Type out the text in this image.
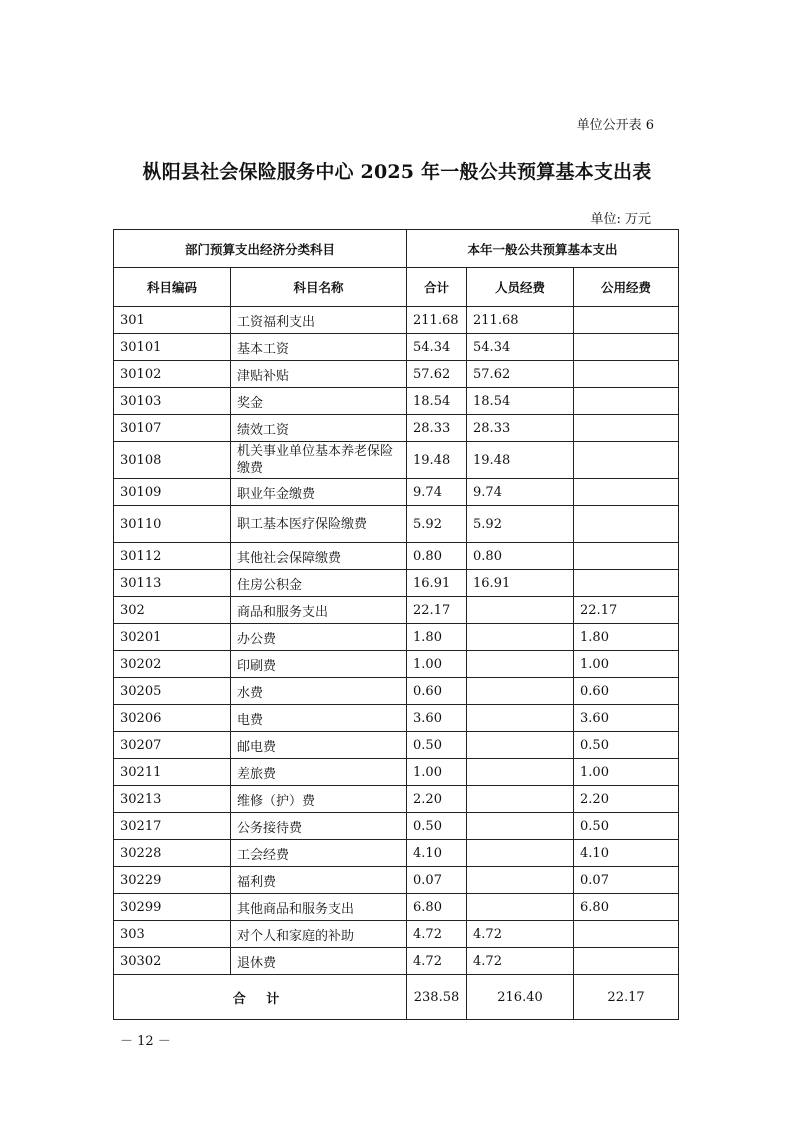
单位公开表 6
枞阳县社会保险服务中心 2025 年一般公共预算基本支出表
单位: 万元
部门预算支出经济分类科目		本年一般公共预算基本支出		
科目编码	科目名称	合计	人员经费	公用经费
301	工资福利支出	211.68	211.68	
30101	基本工资	54.34	54.34	
30102	津贴补贴	57.62	57.62	
30103	奖金	18.54	18.54	
30107	绩效工资	28.33	28.33	
30108	机关事业单位基本养老保险缴费	19.48	19.48	
30109	职业年金缴费	9.74	9.74	
30110	职工基本医疗保险缴费	5.92	5.92	
30112	其他社会保障缴费	0.80	0.80	
30113	住房公积金	16.91	16.91	
302	商品和服务支出	22.17		22.17
30201	办公费	1.80		1.80
30202	印刷费	1.00		1.00
30205	水费	0.60		0.60
30206	电费	3.60		3.60
30207	邮电费	0.50		0.50
30211	差旅费	1.00		1.00
30213	维修（护）费	2.20		2.20
30217	公务接待费	0.50		0.50
30228	工会经费	4.10		4.10
30229	福利费	0.07		0.07
30299	其他商品和服务支出	6.80		6.80
303	对个人和家庭的补助	4.72	4.72	
30302	退休费	4.72	4.72	
合 计		238.58	216.40	22.17
－ 12 －
